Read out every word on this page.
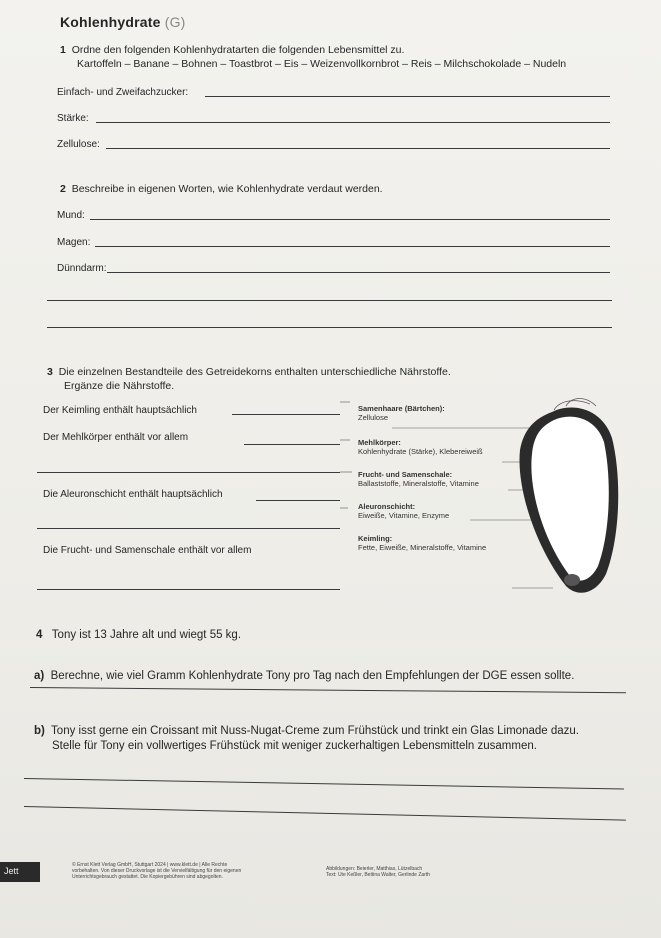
Kohlenhydrate (G)
1 Ordne den folgenden Kohlenhydratarten die folgenden Lebensmittel zu.
Kartoffeln – Banane – Bohnen – Toastbrot – Eis – Weizenvollkornbrot – Reis – Milchschokolade – Nudeln
Einfach- und Zweifachzucker:
Stärke:
Zellulose:
2 Beschreibe in eigenen Worten, wie Kohlenhydrate verdaut werden.
Mund:
Magen:
Dünndarm:
3 Die einzelnen Bestandteile des Getreidekorns enthalten unterschiedliche Nährstoffe.
Ergänze die Nährstoffe.
Der Keimling enthält hauptsächlich
Der Mehlkörper enthält vor allem
Die Aleuronschicht enthält hauptsächlich
Die Frucht- und Samenschale enthält vor allem
Samenhaare (Bärtchen):
Zellulose
Mehlkörper:
Kohlenhydrate (Stärke), Klebereiweiß
Frucht- und Samenschale:
Ballaststoffe, Mineralstoffe, Vitamine
Aleuronschicht:
Eiweiße, Vitamine, Enzyme
Keimling:
Fette, Eiweiße, Mineralstoffe, Vitamine
4 Tony ist 13 Jahre alt und wiegt 55 kg.
a) Berechne, wie viel Gramm Kohlenhydrate Tony pro Tag nach den Empfehlungen der DGE essen sollte.
b) Tony isst gerne ein Croissant mit Nuss-Nugat-Creme zum Frühstück und trinkt ein Glas Limonade dazu.
Stelle für Tony ein vollwertiges Frühstück mit weniger zuckerhaltigen Lebensmitteln zusammen.
Jett
© Ernst Klett Verlag GmbH, Stuttgart 2024 | www.klett.de | Alle Rechte
vorbehalten. Von dieser Druckvorlage ist die Vervielfältigung für den eigenen
Unterrichtsgebrauch gestattet. Die Kopiergebühren sind abgegolten.
Abbildungen: Beierler, Matthias, Lützelbach
Text: Ute Keßler, Bettina Walter, Gerlinde Zarth
